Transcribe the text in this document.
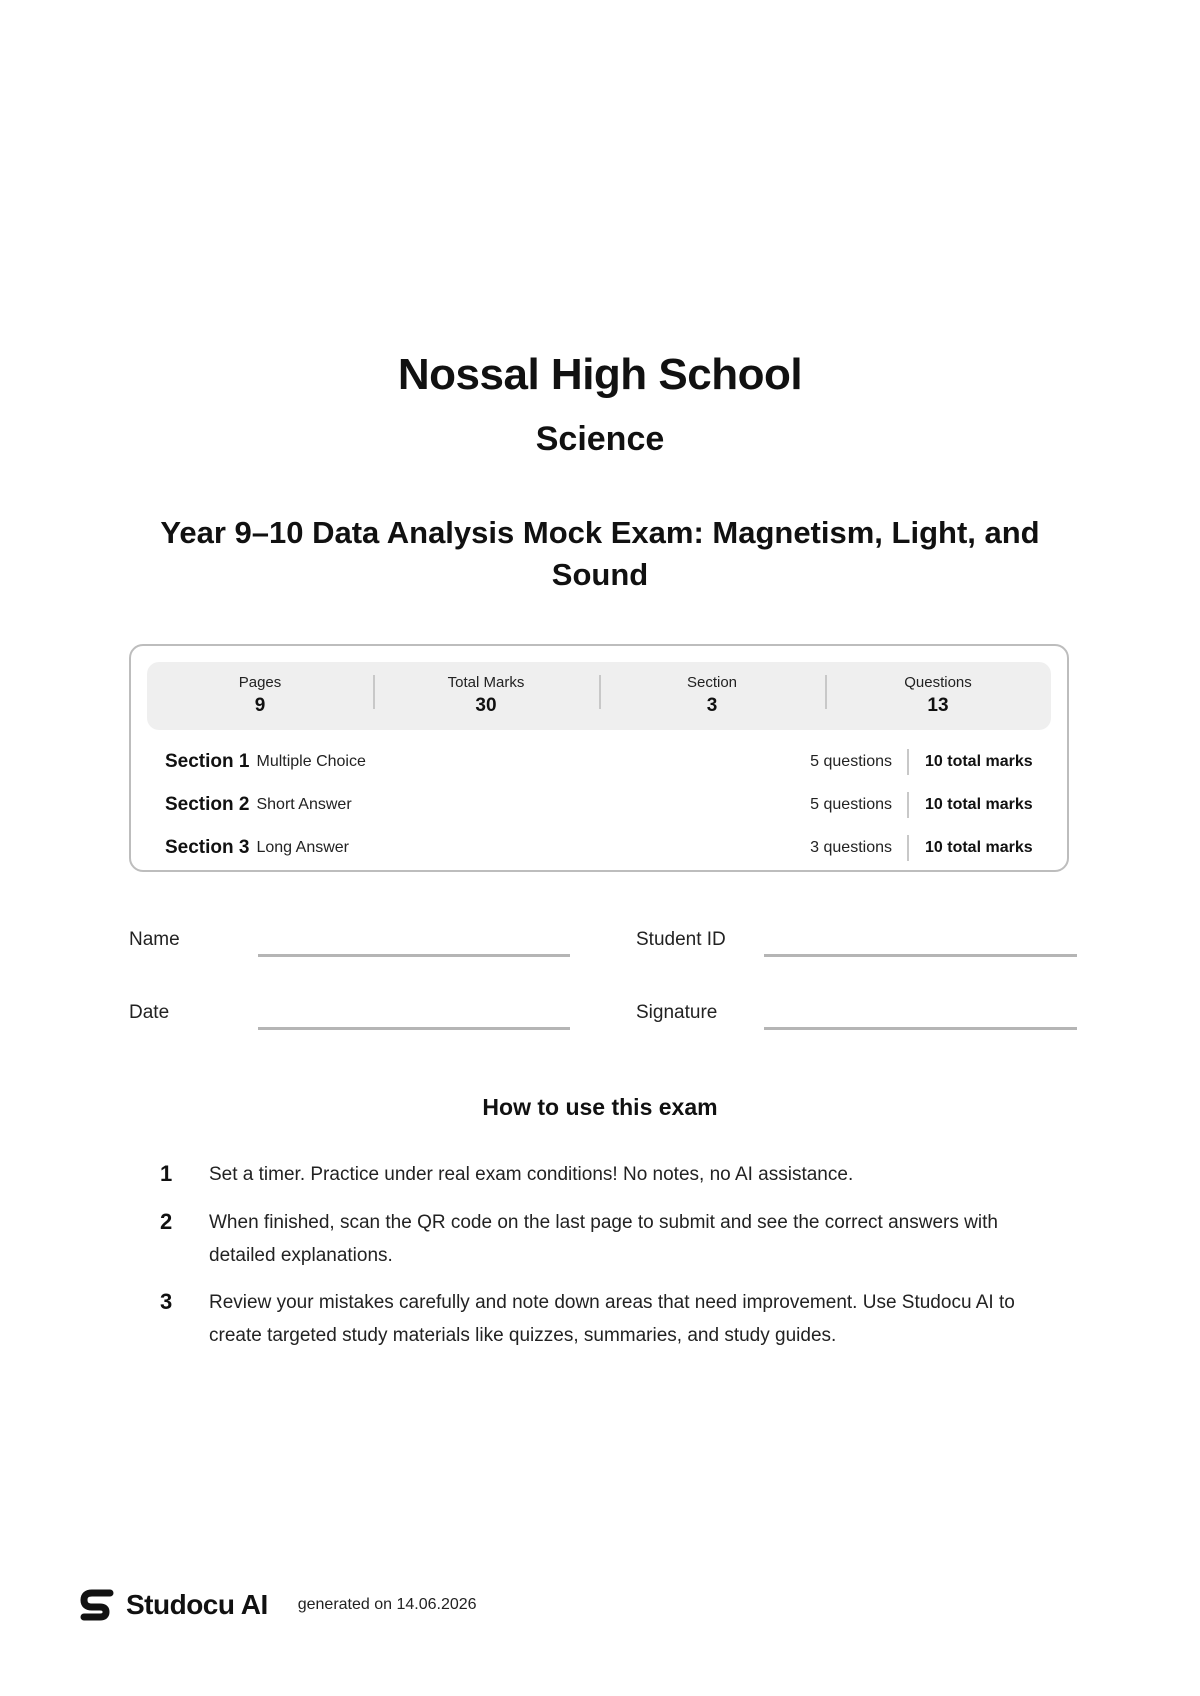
Nossal High School
Science
Year 9–10 Data Analysis Mock Exam: Magnetism, Light, and Sound
Pages
9
Total Marks
30
Section
3
Questions
13
Section 1 Multiple Choice	5 questions	10 total marks
Section 2 Short Answer	5 questions	10 total marks
Section 3 Long Answer	3 questions	10 total marks
Name	Student ID
Date	Signature
How to use this exam
1	Set a timer. Practice under real exam conditions! No notes, no AI assistance.
2	When finished, scan the QR code on the last page to submit and see the correct answers with detailed explanations.
3	Review your mistakes carefully and note down areas that need improvement. Use Studocu AI to create targeted study materials like quizzes, summaries, and study guides.
Studocu AI generated on 14.06.2026
